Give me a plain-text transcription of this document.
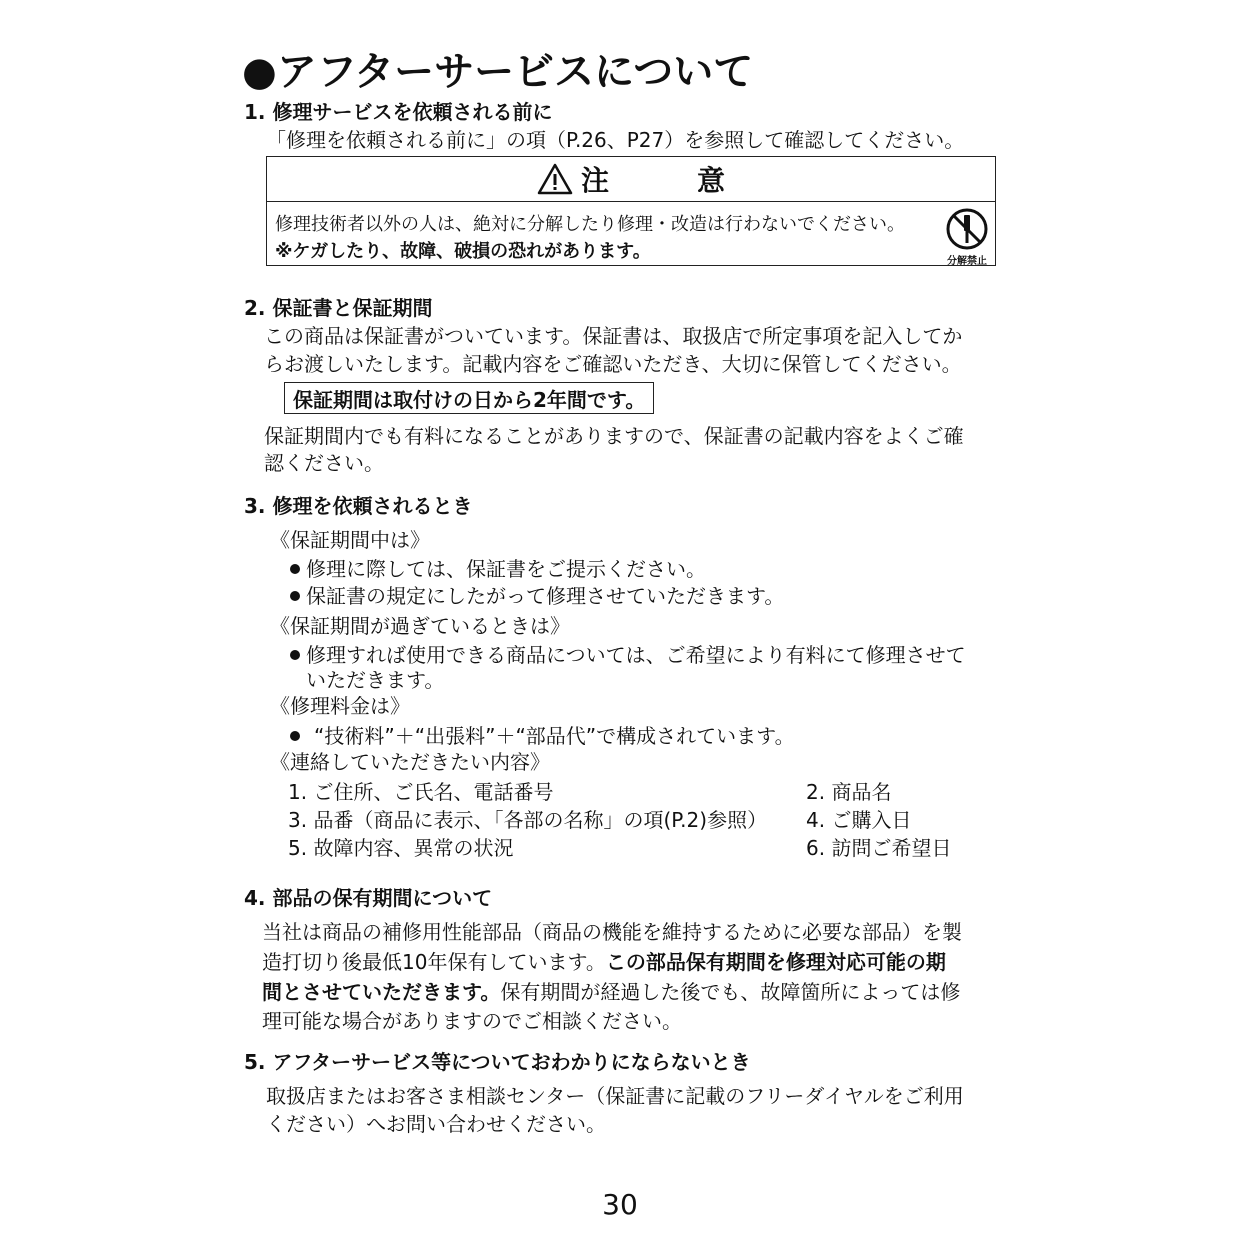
●アフターサービスについて
1. 修理サービスを依頼される前に
「修理を依頼される前に」の項（P.26、P27）を参照して確認してください。
注　意
修理技術者以外の人は、絶対に分解したり修理・改造は行わないでください。
※ケガしたり、故障、破損の恐れがあります。	分解禁止
2. 保証書と保証期間
この商品は保証書がついています。保証書は、取扱店で所定事項を記入してか
らお渡しいたします。記載内容をご確認いただき、大切に保管してください。
保証期間は取付けの日から2年間です。
保証期間内でも有料になることがありますので、保証書の記載内容をよくご確
認ください。
3. 修理を依頼されるとき
《保証期間中は》
修理に際しては、保証書をご提示ください。
保証書の規定にしたがって修理させていただきます。
《保証期間が過ぎているときは》
修理すれば使用できる商品については、ご希望により有料にて修理させて
いただきます。
《修理料金は》
“技術料”＋“出張料”＋“部品代”で構成されています。
《連絡していただきたい内容》
1. ご住所、ご氏名、電話番号	2. 商品名
3. 品番（商品に表示、「各部の名称」の項(P.2)参照） 4. ご購入日
5. 故障内容、異常の状況	6. 訪問ご希望日
4. 部品の保有期間について
当社は商品の補修用性能部品（商品の機能を維持するために必要な部品）を製
造打切り後最低10年保有しています。この部品保有期間を修理対応可能の期
間とさせていただきます。保有期間が経過した後でも、故障箇所によっては修
理可能な場合がありますのでご相談ください。
5. アフターサービス等についておわかりにならないとき
取扱店またはお客さま相談センター（保証書に記載のフリーダイヤルをご利用
ください）へお問い合わせください。
30
